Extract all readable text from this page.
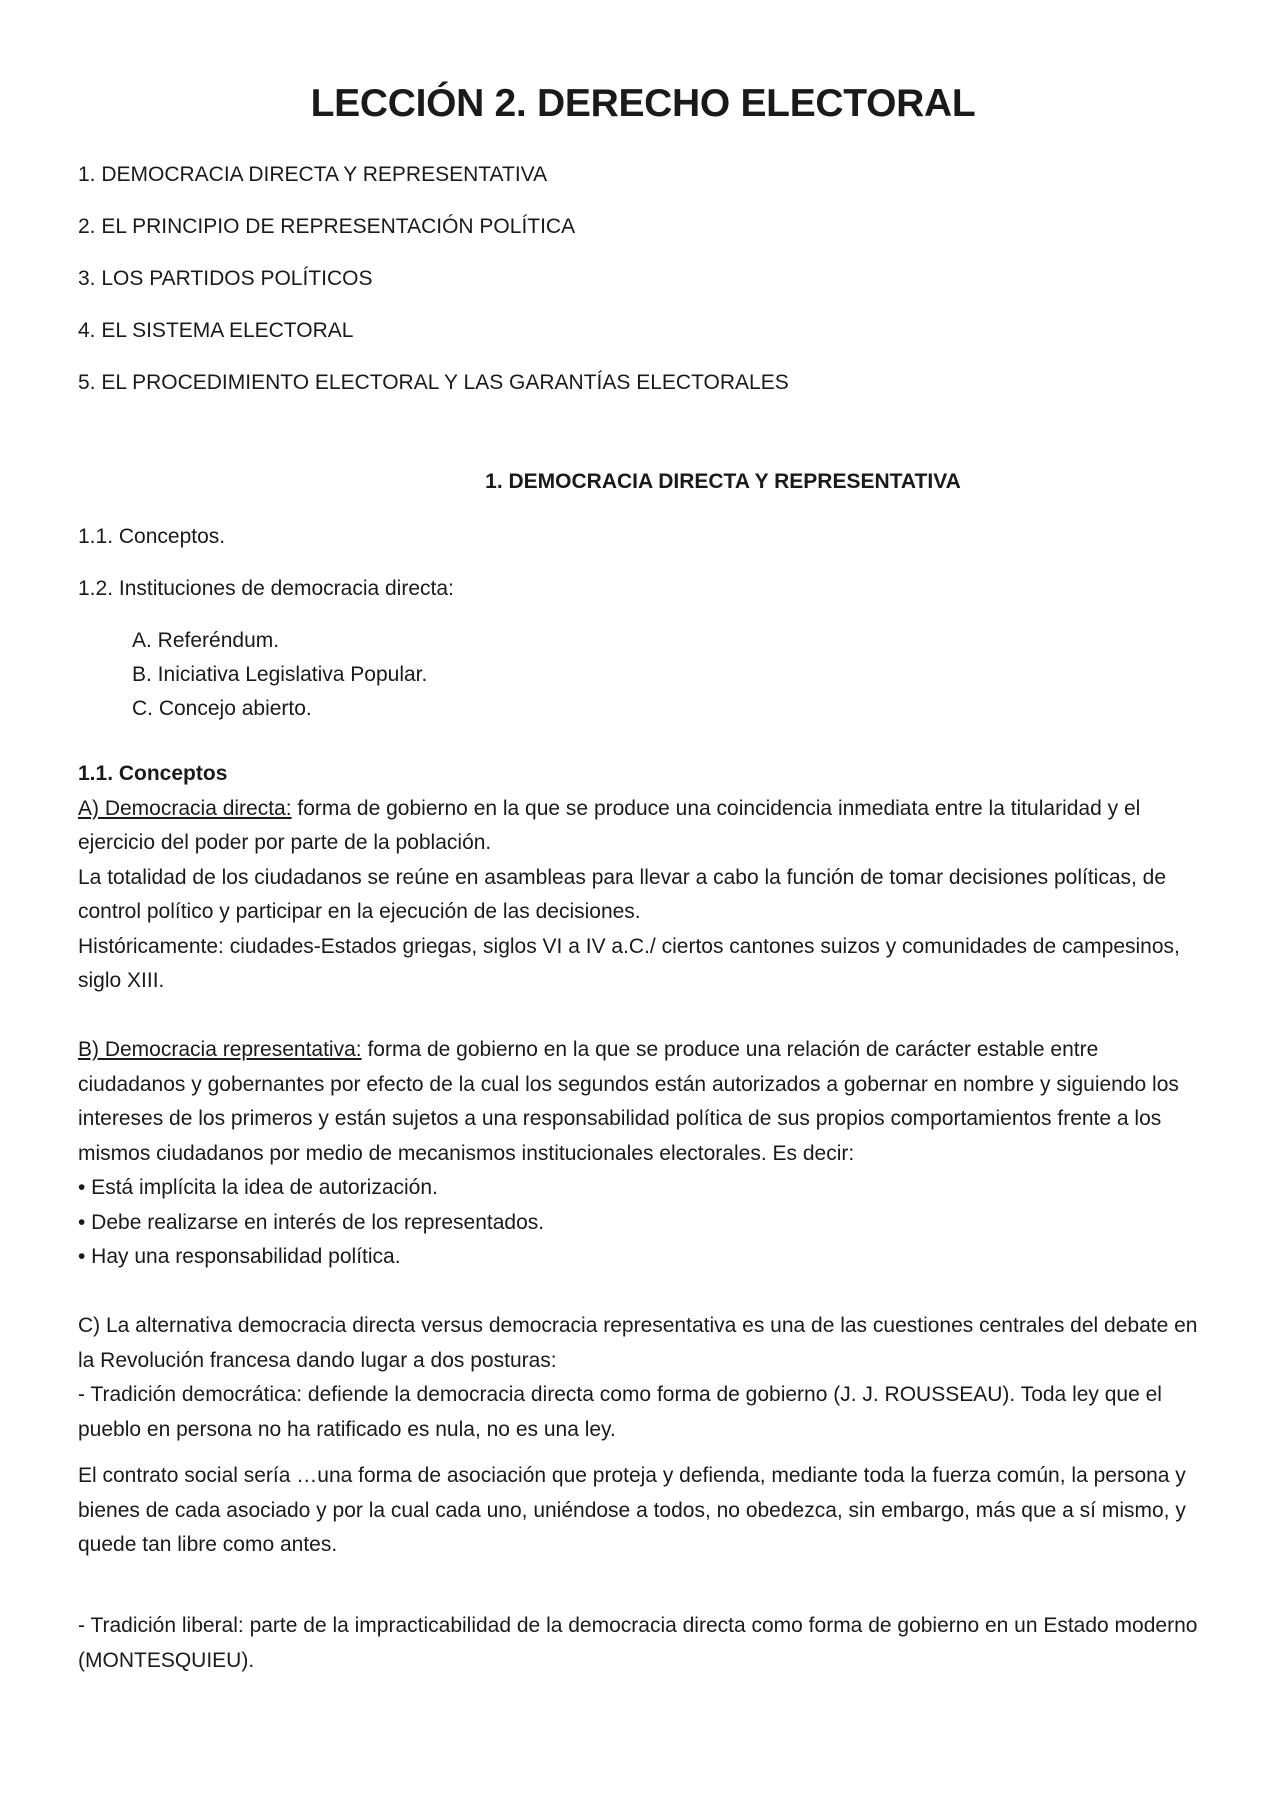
LECCIÓN 2. DERECHO ELECTORAL
1. DEMOCRACIA DIRECTA Y REPRESENTATIVA
2. EL PRINCIPIO DE REPRESENTACIÓN POLÍTICA
3. LOS PARTIDOS POLÍTICOS
4. EL SISTEMA ELECTORAL
5. EL PROCEDIMIENTO ELECTORAL Y LAS GARANTÍAS ELECTORALES
1. DEMOCRACIA DIRECTA Y REPRESENTATIVA

1.1. Conceptos.

1.2. Instituciones de democracia directa:

A. Referéndum.
B. Iniciativa Legislativa Popular.
C. Concejo abierto.

1.1. Conceptos

A) Democracia directa: forma de gobierno en la que se produce una coincidencia inmediata entre la titularidad y el ejercicio del poder por parte de la población.

La totalidad de los ciudadanos se reúne en asambleas para llevar a cabo la función de tomar decisiones políticas, de control político y participar en la ejecución de las decisiones.

Históricamente: ciudades-Estados griegas, siglos VI a IV a.C./ ciertos cantones suizos y comunidades de campesinos, siglo XIII.

B) Democracia representativa: forma de gobierno en la que se produce una relación de carácter estable entre ciudadanos y gobernantes por efecto de la cual los segundos están autorizados a gobernar en nombre y siguiendo los intereses de los primeros y están sujetos a una responsabilidad política de sus propios comportamientos frente a los mismos ciudadanos por medio de mecanismos institucionales electorales. Es decir:

• Está implícita la idea de autorización.

• Debe realizarse en interés de los representados.

• Hay una responsabilidad política.

C) La alternativa democracia directa versus democracia representativa es una de las cuestiones centrales del debate en la Revolución francesa dando lugar a dos posturas:

- Tradición democrática: defiende la democracia directa como forma de gobierno (J. J. ROUSSEAU). Toda ley que el pueblo en persona no ha ratificado es nula, no es una ley.

El contrato social sería …una forma de asociación que proteja y defienda, mediante toda la fuerza común, la persona y bienes de cada asociado y por la cual cada uno, uniéndose a todos, no obedezca, sin embargo, más que a sí mismo, y quede tan libre como antes.

- Tradición liberal: parte de la impracticabilidad de la democracia directa como forma de gobierno en un Estado moderno (MONTESQUIEU).
